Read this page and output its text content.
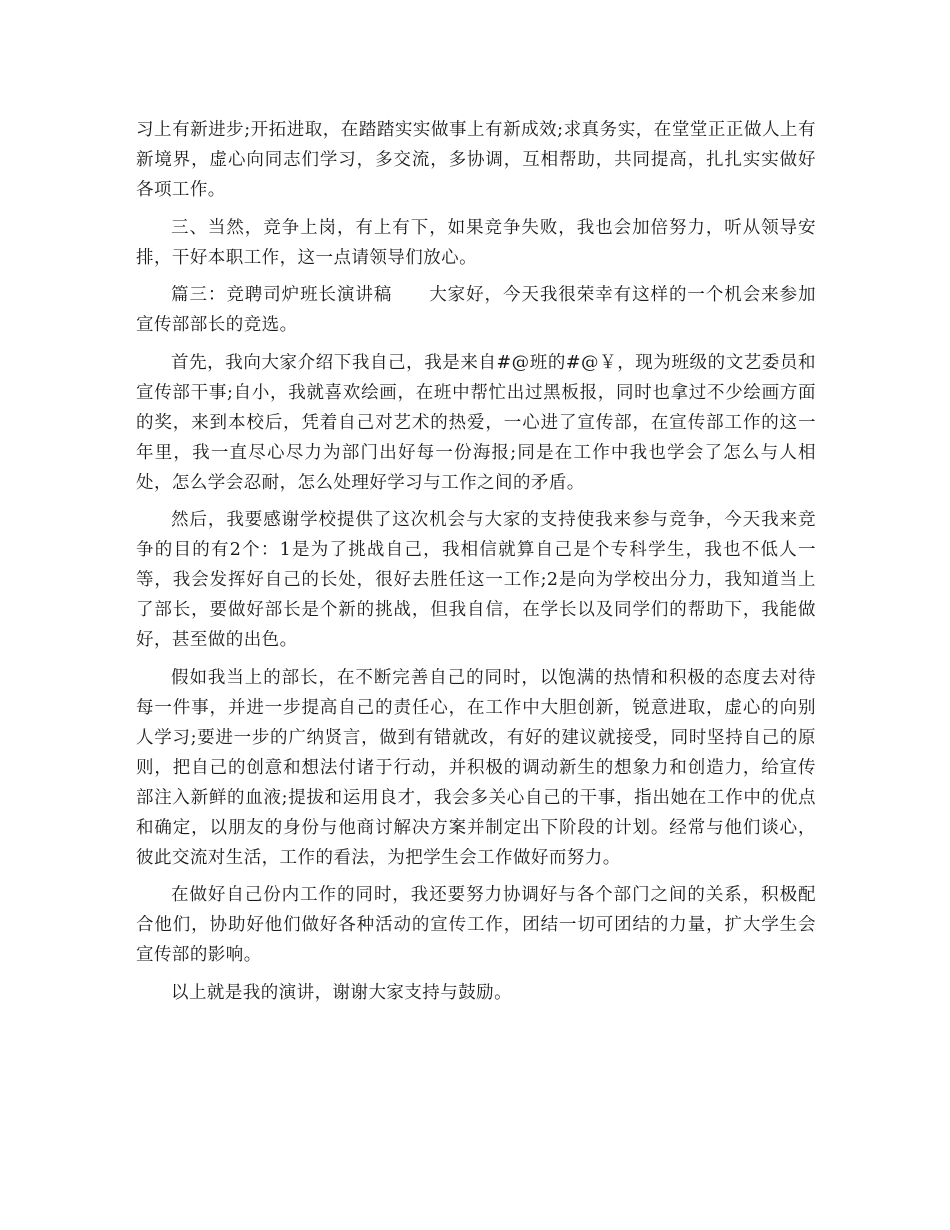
习上有新进步;开拓进取，在踏踏实实做事上有新成效;求真务实，在堂堂正正做人上有新境界，虚心向同志们学习，多交流，多协调，互相帮助，共同提高，扎扎实实做好各项工作。

三、当然，竞争上岗，有上有下，如果竞争失败，我也会加倍努力，听从领导安排，干好本职工作，这一点请领导们放心。

篇三：竞聘司炉班长演讲稿　　大家好，今天我很荣幸有这样的一个机会来参加宣传部部长的竞选。

首先，我向大家介绍下我自己，我是来自#@班的#@￥，现为班级的文艺委员和宣传部干事;自小，我就喜欢绘画，在班中帮忙出过黑板报，同时也拿过不少绘画方面的奖，来到本校后，凭着自己对艺术的热爱，一心进了宣传部，在宣传部工作的这一年里，我一直尽心尽力为部门出好每一份海报;同是在工作中我也学会了怎么与人相处，怎么学会忍耐，怎么处理好学习与工作之间的矛盾。

然后，我要感谢学校提供了这次机会与大家的支持使我来参与竞争，今天我来竞争的目的有2个：1是为了挑战自己，我相信就算自己是个专科学生，我也不低人一等，我会发挥好自己的长处，很好去胜任这一工作;2是向为学校出分力，我知道当上了部长，要做好部长是个新的挑战，但我自信，在学长以及同学们的帮助下，我能做好，甚至做的出色。

假如我当上的部长，在不断完善自己的同时，以饱满的热情和积极的态度去对待每一件事，并进一步提高自己的责任心，在工作中大胆创新，锐意进取，虚心的向别人学习;要进一步的广纳贤言，做到有错就改，有好的建议就接受，同时坚持自己的原则，把自己的创意和想法付诸于行动，并积极的调动新生的想象力和创造力，给宣传部注入新鲜的血液;提拔和运用良才，我会多关心自己的干事，指出她在工作中的优点和确定，以朋友的身份与他商讨解决方案并制定出下阶段的计划。经常与他们谈心，彼此交流对生活，工作的看法，为把学生会工作做好而努力。

在做好自己份内工作的同时，我还要努力协调好与各个部门之间的关系，积极配合他们，协助好他们做好各种活动的宣传工作，团结一切可团结的力量，扩大学生会宣传部的影响。

以上就是我的演讲，谢谢大家支持与鼓励。
